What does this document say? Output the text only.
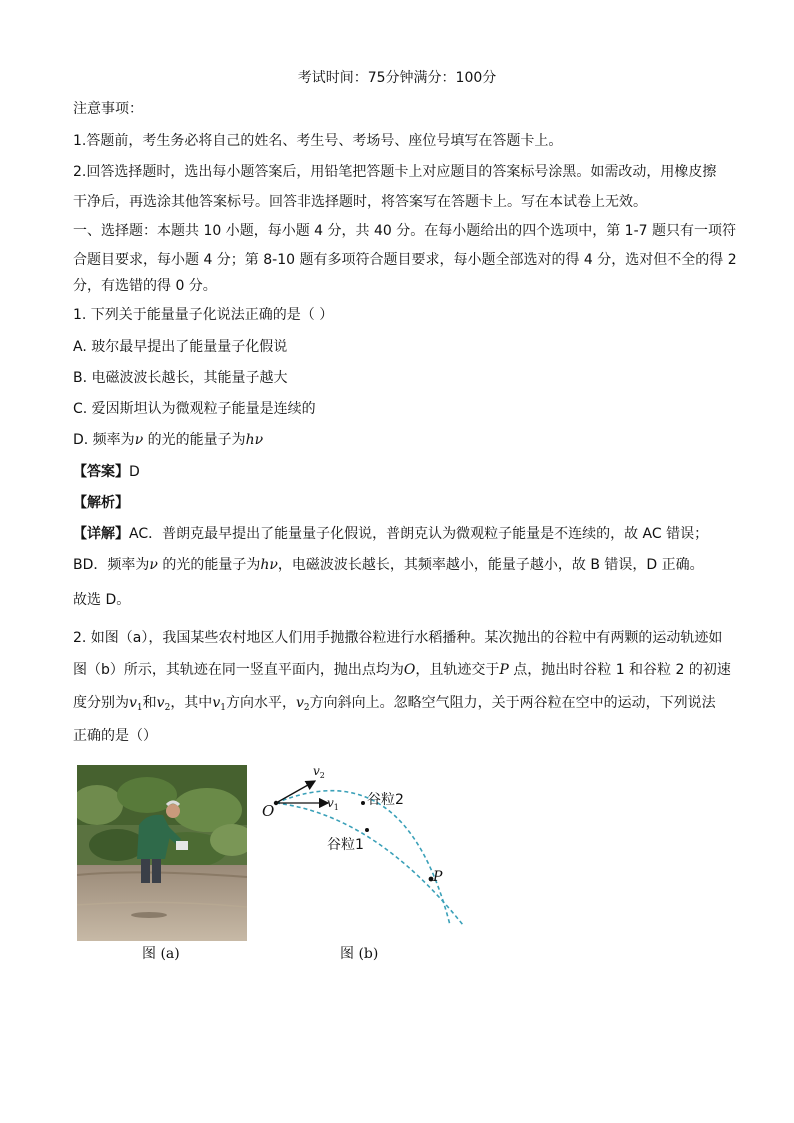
考试时间：75分钟满分：100分
注意事项：
1.答题前，考生务必将自己的姓名、考生号、考场号、座位号填写在答题卡上。
2.回答选择题时，选出每小题答案后，用铅笔把答题卡上对应题目的答案标号涂黑。如需改动，用橡皮擦
干净后，再选涂其他答案标号。回答非选择题时，将答案写在答题卡上。写在本试卷上无效。
一、选择题：本题共 10 小题，每小题 4 分，共 40 分。在每小题给出的四个选项中，第 1-7 题只有一项符
合题目要求，每小题 4 分；第 8-10 题有多项符合题目要求，每小题全部选对的得 4 分，选对但不全的得 2
分，有选错的得 0 分。
1. 下列关于能量量子化说法正确的是（ ）
A. 玻尔最早提出了能量量子化假说
B. 电磁波波长越长，其能量子越大
C. 爱因斯坦认为微观粒子能量是连续的
D. 频率为ν 的光的能量子为hν
【答案】D
【解析】
【详解】AC．普朗克最早提出了能量量子化假说，普朗克认为微观粒子能量是不连续的，故 AC 错误；
BD．频率为ν 的光的能量子为hν，电磁波波长越长，其频率越小，能量子越小，故 B 错误，D 正确。
故选 D。
2. 如图（a），我国某些农村地区人们用手抛撒谷粒进行水稻播种。某次抛出的谷粒中有两颗的运动轨迹如
图（b）所示，其轨迹在同一竖直平面内，抛出点均为O，且轨迹交于P 点，抛出时谷粒 1 和谷粒 2 的初速
度分别为$v_1$和$v_2$，其中$v_1$方向水平，$v_2$方向斜向上。忽略空气阻力，关于两谷粒在空中的运动，下列说法
正确的是（）
图 (a)
O
$v_2$
$v_1$ 谷粒2
谷粒1
P
图 (b)
